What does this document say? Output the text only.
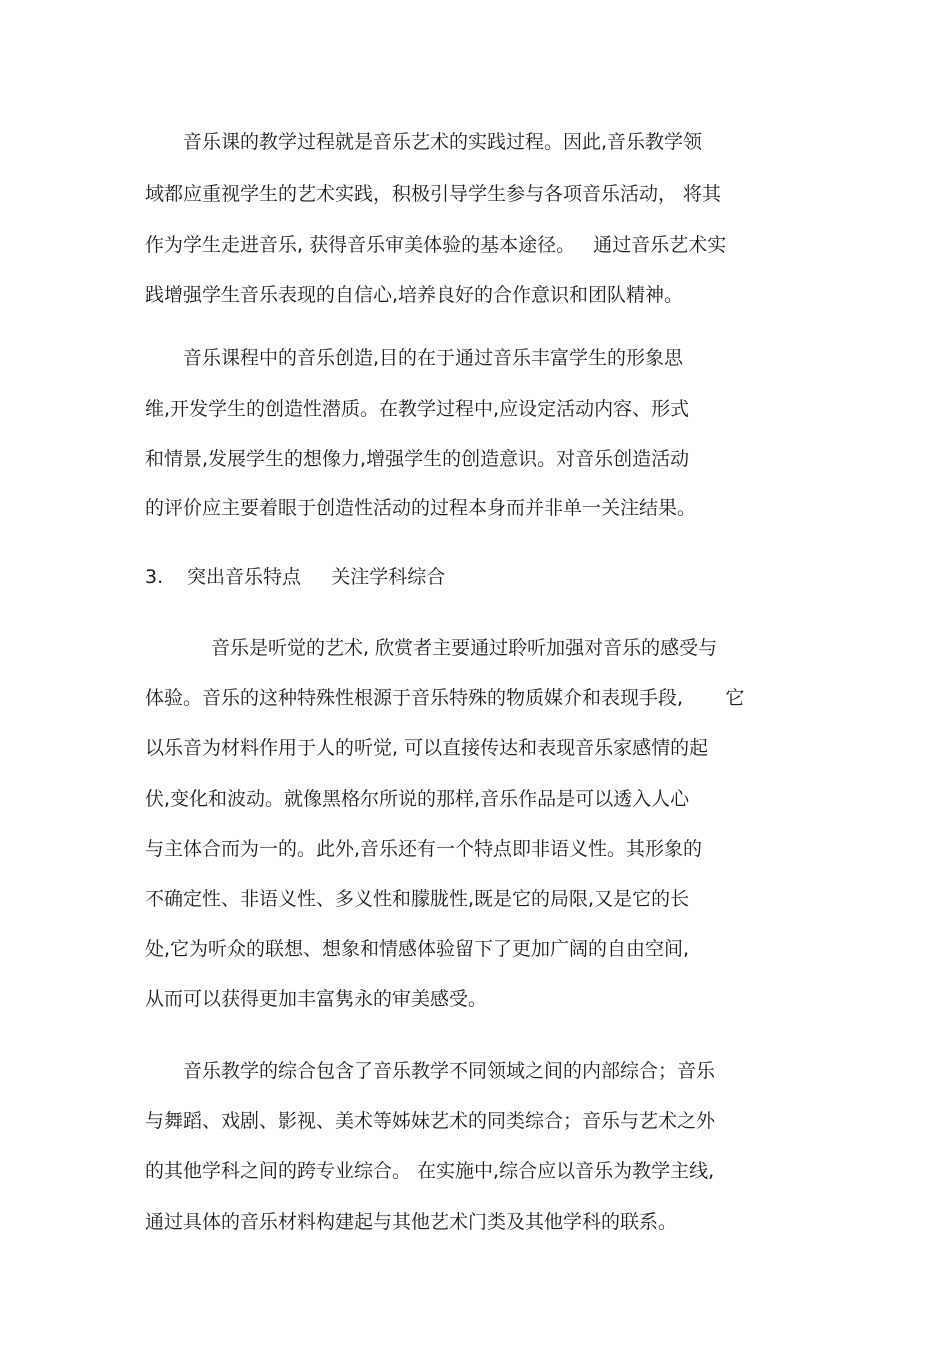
音乐课的教学过程就是音乐艺术的实践过程。因此,音乐教学领
域都应重视学生的艺术实践，积极引导学生参与各项音乐活动， 将其
作为学生走进音乐, 获得音乐审美体验的基本途径。   通过音乐艺术实
践增强学生音乐表现的自信心,培养良好的合作意识和团队精神。
音乐课程中的音乐创造,目的在于通过音乐丰富学生的形象思
维,开发学生的创造性潜质。在教学过程中,应设定活动内容、形式
和情景,发展学生的想像力,增强学生的创造意识。对音乐创造活动
的评价应主要着眼于创造性活动的过程本身而并非单一关注结果。
3. 突出音乐特点     关注学科综合
音乐是听觉的艺术, 欣赏者主要通过聆听加强对音乐的感受与
体验。音乐的这种特殊性根源于音乐特殊的物质媒介和表现手段,       它
以乐音为材料作用于人的听觉, 可以直接传达和表现音乐家感情的起
伏,变化和波动。就像黑格尔所说的那样,音乐作品是可以透入人心
与主体合而为一的。此外,音乐还有一个特点即非语义性。其形象的
不确定性、非语义性、多义性和朦胧性,既是它的局限,又是它的长
处,它为听众的联想、想象和情感体验留下了更加广阔的自由空间,
从而可以获得更加丰富隽永的审美感受。
音乐教学的综合包含了音乐教学不同领域之间的内部综合；音乐
与舞蹈、戏剧、影视、美术等姊妹艺术的同类综合；音乐与艺术之外
的其他学科之间的跨专业综合。 在实施中,综合应以音乐为教学主线,
通过具体的音乐材料构建起与其他艺术门类及其他学科的联系。
